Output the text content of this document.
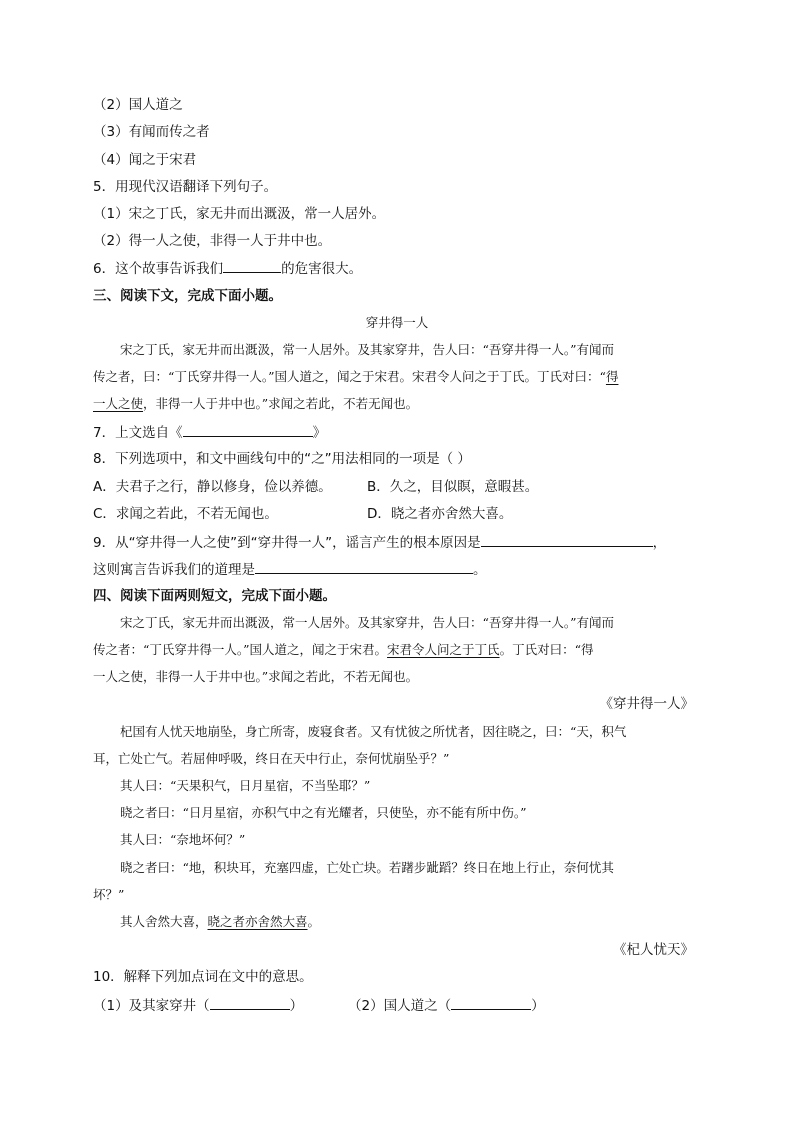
（2）国人道之
（3）有闻而传之者
（4）闻之于宋君
5．用现代汉语翻译下列句子。
（1）宋之丁氏，家无井而出溉汲，常一人居外。
（2）得一人之使，非得一人于井中也。
6．这个故事告诉我们	的危害很大。
三、阅读下文，完成下面小题。
穿井得一人
宋之丁氏，家无井而出溉汲，常一人居外。及其家穿井，告人曰：“吾穿井得一人。”有闻而
传之者，曰：“丁氏穿井得一人。”国人道之，闻之于宋君。宋君令人问之于丁氏。丁氏对曰：“得
一人之使，非得一人于井中也。”求闻之若此，不若无闻也。
7．上文选自《	》
8．下列选项中，和文中画线句中的“之”用法相同的一项是（ ）
A．夫君子之行，静以修身，俭以养德。	B．久之，目似瞑，意暇甚。
C．求闻之若此，不若无闻也。	D．晓之者亦舍然大喜。
9．从“穿井得一人之使”到“穿井得一人”，谣言产生的根本原因是	，
这则寓言告诉我们的道理是	。
四、阅读下面两则短文，完成下面小题。
宋之丁氏，家无井而出溉汲，常一人居外。及其家穿井，告人曰：“吾穿井得一人。”有闻而
传之者：“丁氏穿井得一人。”国人道之，闻之于宋君。宋君令人问之于丁氏。丁氏对曰：“得
一人之使，非得一人于井中也。”求闻之若此，不若无闻也。
《穿井得一人》
杞国有人忧天地崩坠，身亡所寄，废寝食者。又有忧彼之所忧者，因往晓之，曰：“天，积气
耳，亡处亡气。若屈伸呼吸，终日在天中行止，奈何忧崩坠乎？”
其人曰：“天果积气，日月星宿，不当坠耶？”
晓之者曰：“日月星宿，亦积气中之有光耀者，只使坠，亦不能有所中伤。”
其人曰：“奈地坏何？”
晓之者曰：“地，积块耳，充塞四虚，亡处亡块。若躇步跐蹈？终日在地上行止，奈何忧其
坏？”
其人舍然大喜，晓之者亦舍然大喜。
《杞人忧天》
10．解释下列加点词在文中的意思。
（1）及其家穿井（	）	（2）国人道之（	）
